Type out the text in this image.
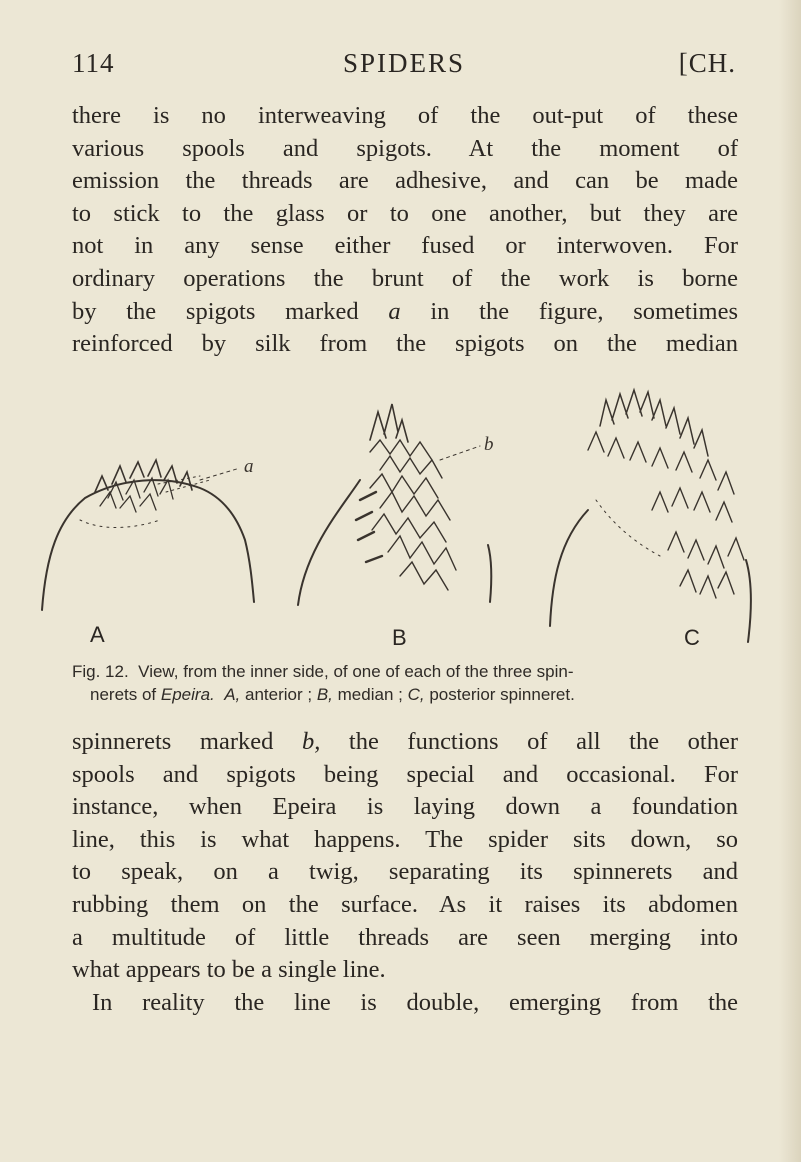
114	SPIDERS	[CH.

there is no interweaving of the out-put of these
various spools and spigots. At the moment of
emission the threads are adhesive, and can be made
to stick to the glass or to one another, but they are
not in any sense either fused or interwoven. For
ordinary operations the brunt of the work is borne
by the spigots marked a in the figure, sometimes
reinforced by silk from the spigots on the median

a
b
A	B	C
Fig. 12. View, from the inner side, of one of each of the three spin-
nerets of Epeira. A, anterior ; B, median ; C, posterior spinneret.

spinnerets marked b, the functions of all the other
spools and spigots being special and occasional. For
instance, when Epeira is laying down a foundation
line, this is what happens. The spider sits down, so
to speak, on a twig, separating its spinnerets and
rubbing them on the surface. As it raises its abdomen
a multitude of little threads are seen merging into
what appears to be a single line.
In reality the line is double, emerging from the
